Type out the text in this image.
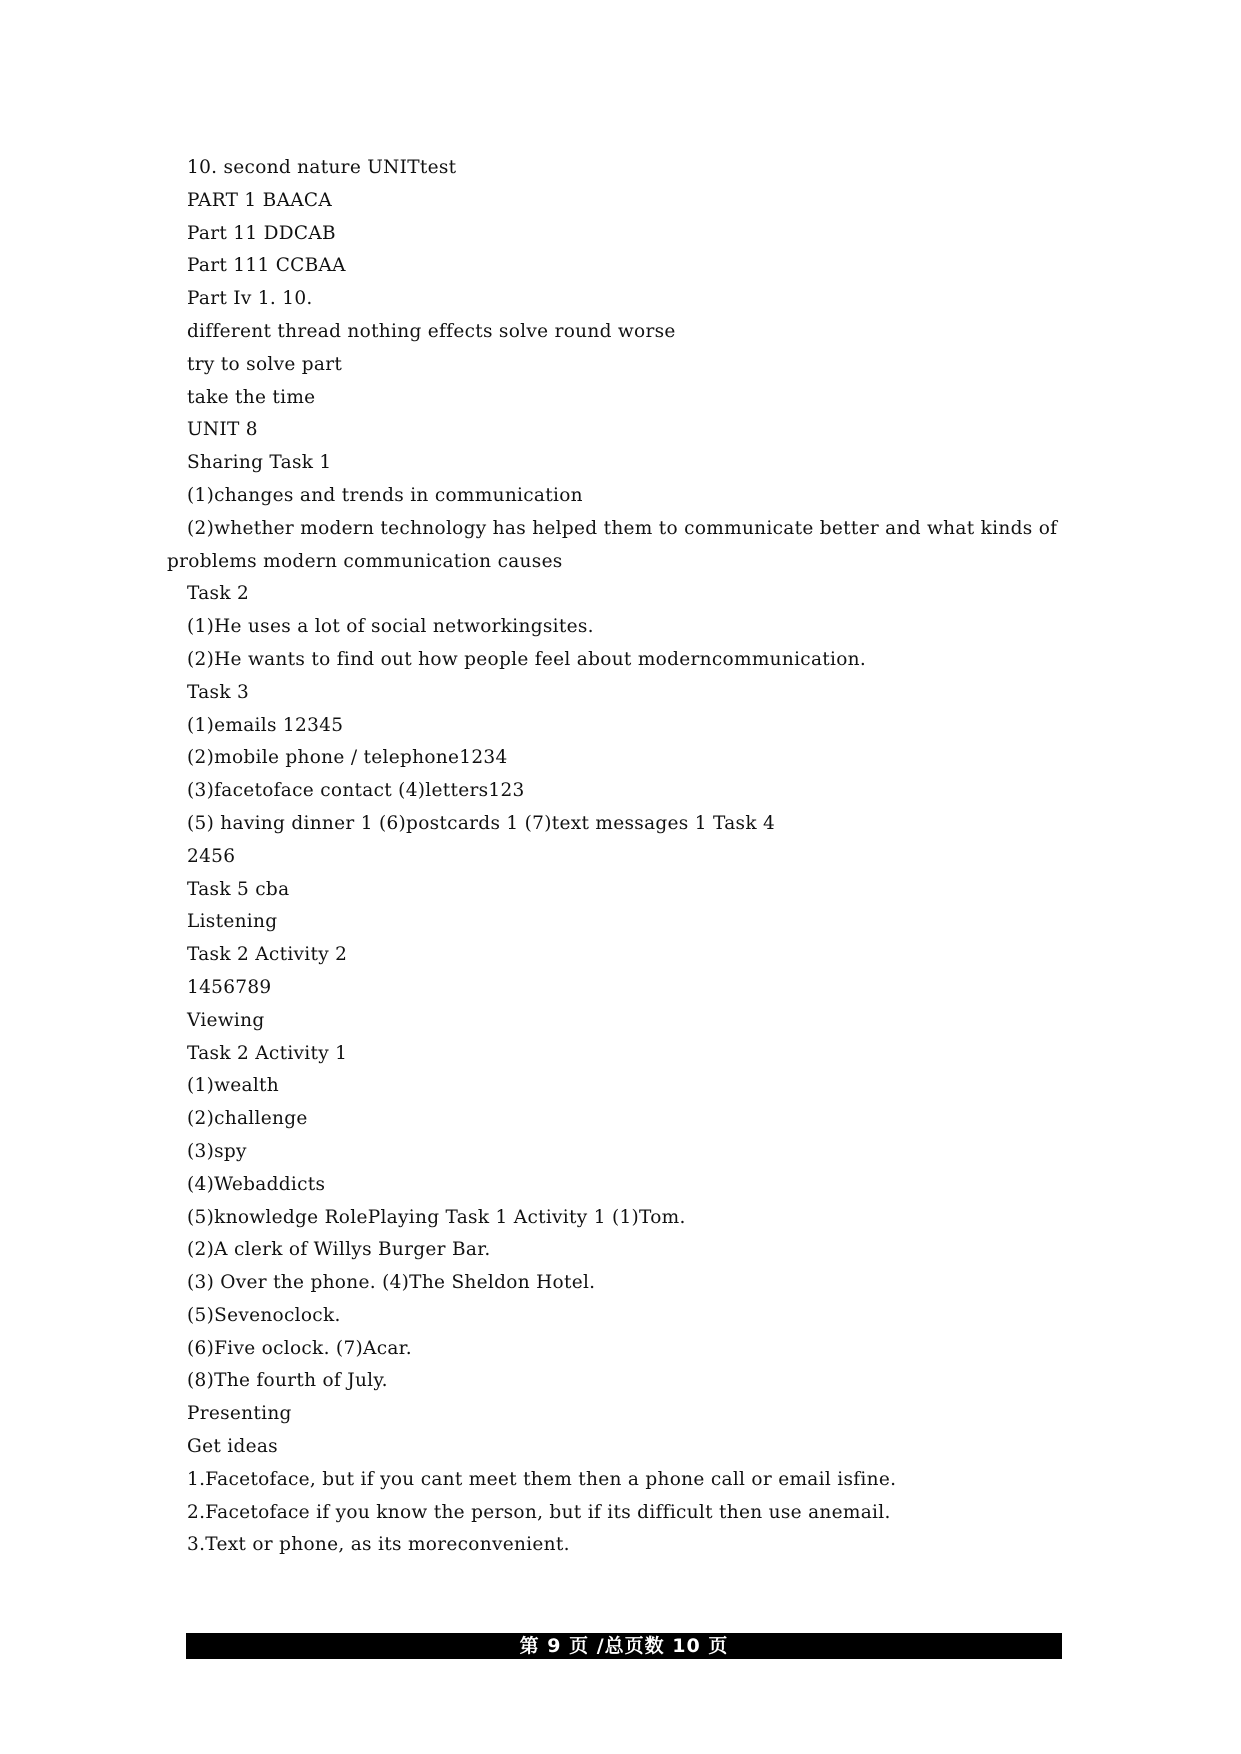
10. second nature UNITtest
PART 1 BAACA
Part 11 DDCAB
Part 111 CCBAA
Part Iv 1. 10.
different thread nothing effects solve round worse
try to solve part
take the time
UNIT 8
Sharing Task 1
(1)changes and trends in communication
(2)whether modern technology has helped them to communicate better and what kinds of
problems modern communication causes
Task 2
(1)He uses a lot of social networkingsites.
(2)He wants to find out how people feel about moderncommunication.
Task 3
(1)emails 12345
(2)mobile phone / telephone1234
(3)facetoface contact (4)letters123
(5) having dinner 1 (6)postcards 1 (7)text messages 1 Task 4
2456
Task 5 cba
Listening
Task 2 Activity 2
1456789
Viewing
Task 2 Activity 1
(1)wealth
(2)challenge
(3)spy
(4)Webaddicts
(5)knowledge RolePlaying Task 1 Activity 1 (1)Tom.
(2)A clerk of Willys Burger Bar.
(3) Over the phone. (4)The Sheldon Hotel.
(5)Sevenoclock.
(6)Five oclock. (7)Acar.
(8)The fourth of July.
Presenting
Get ideas
1.Facetoface, but if you cant meet them then a phone call or email isfine.
2.Facetoface if you know the person, but if its difficult then use anemail.
3.Text or phone, as its moreconvenient.
第 9 页 /总页数 10 页
